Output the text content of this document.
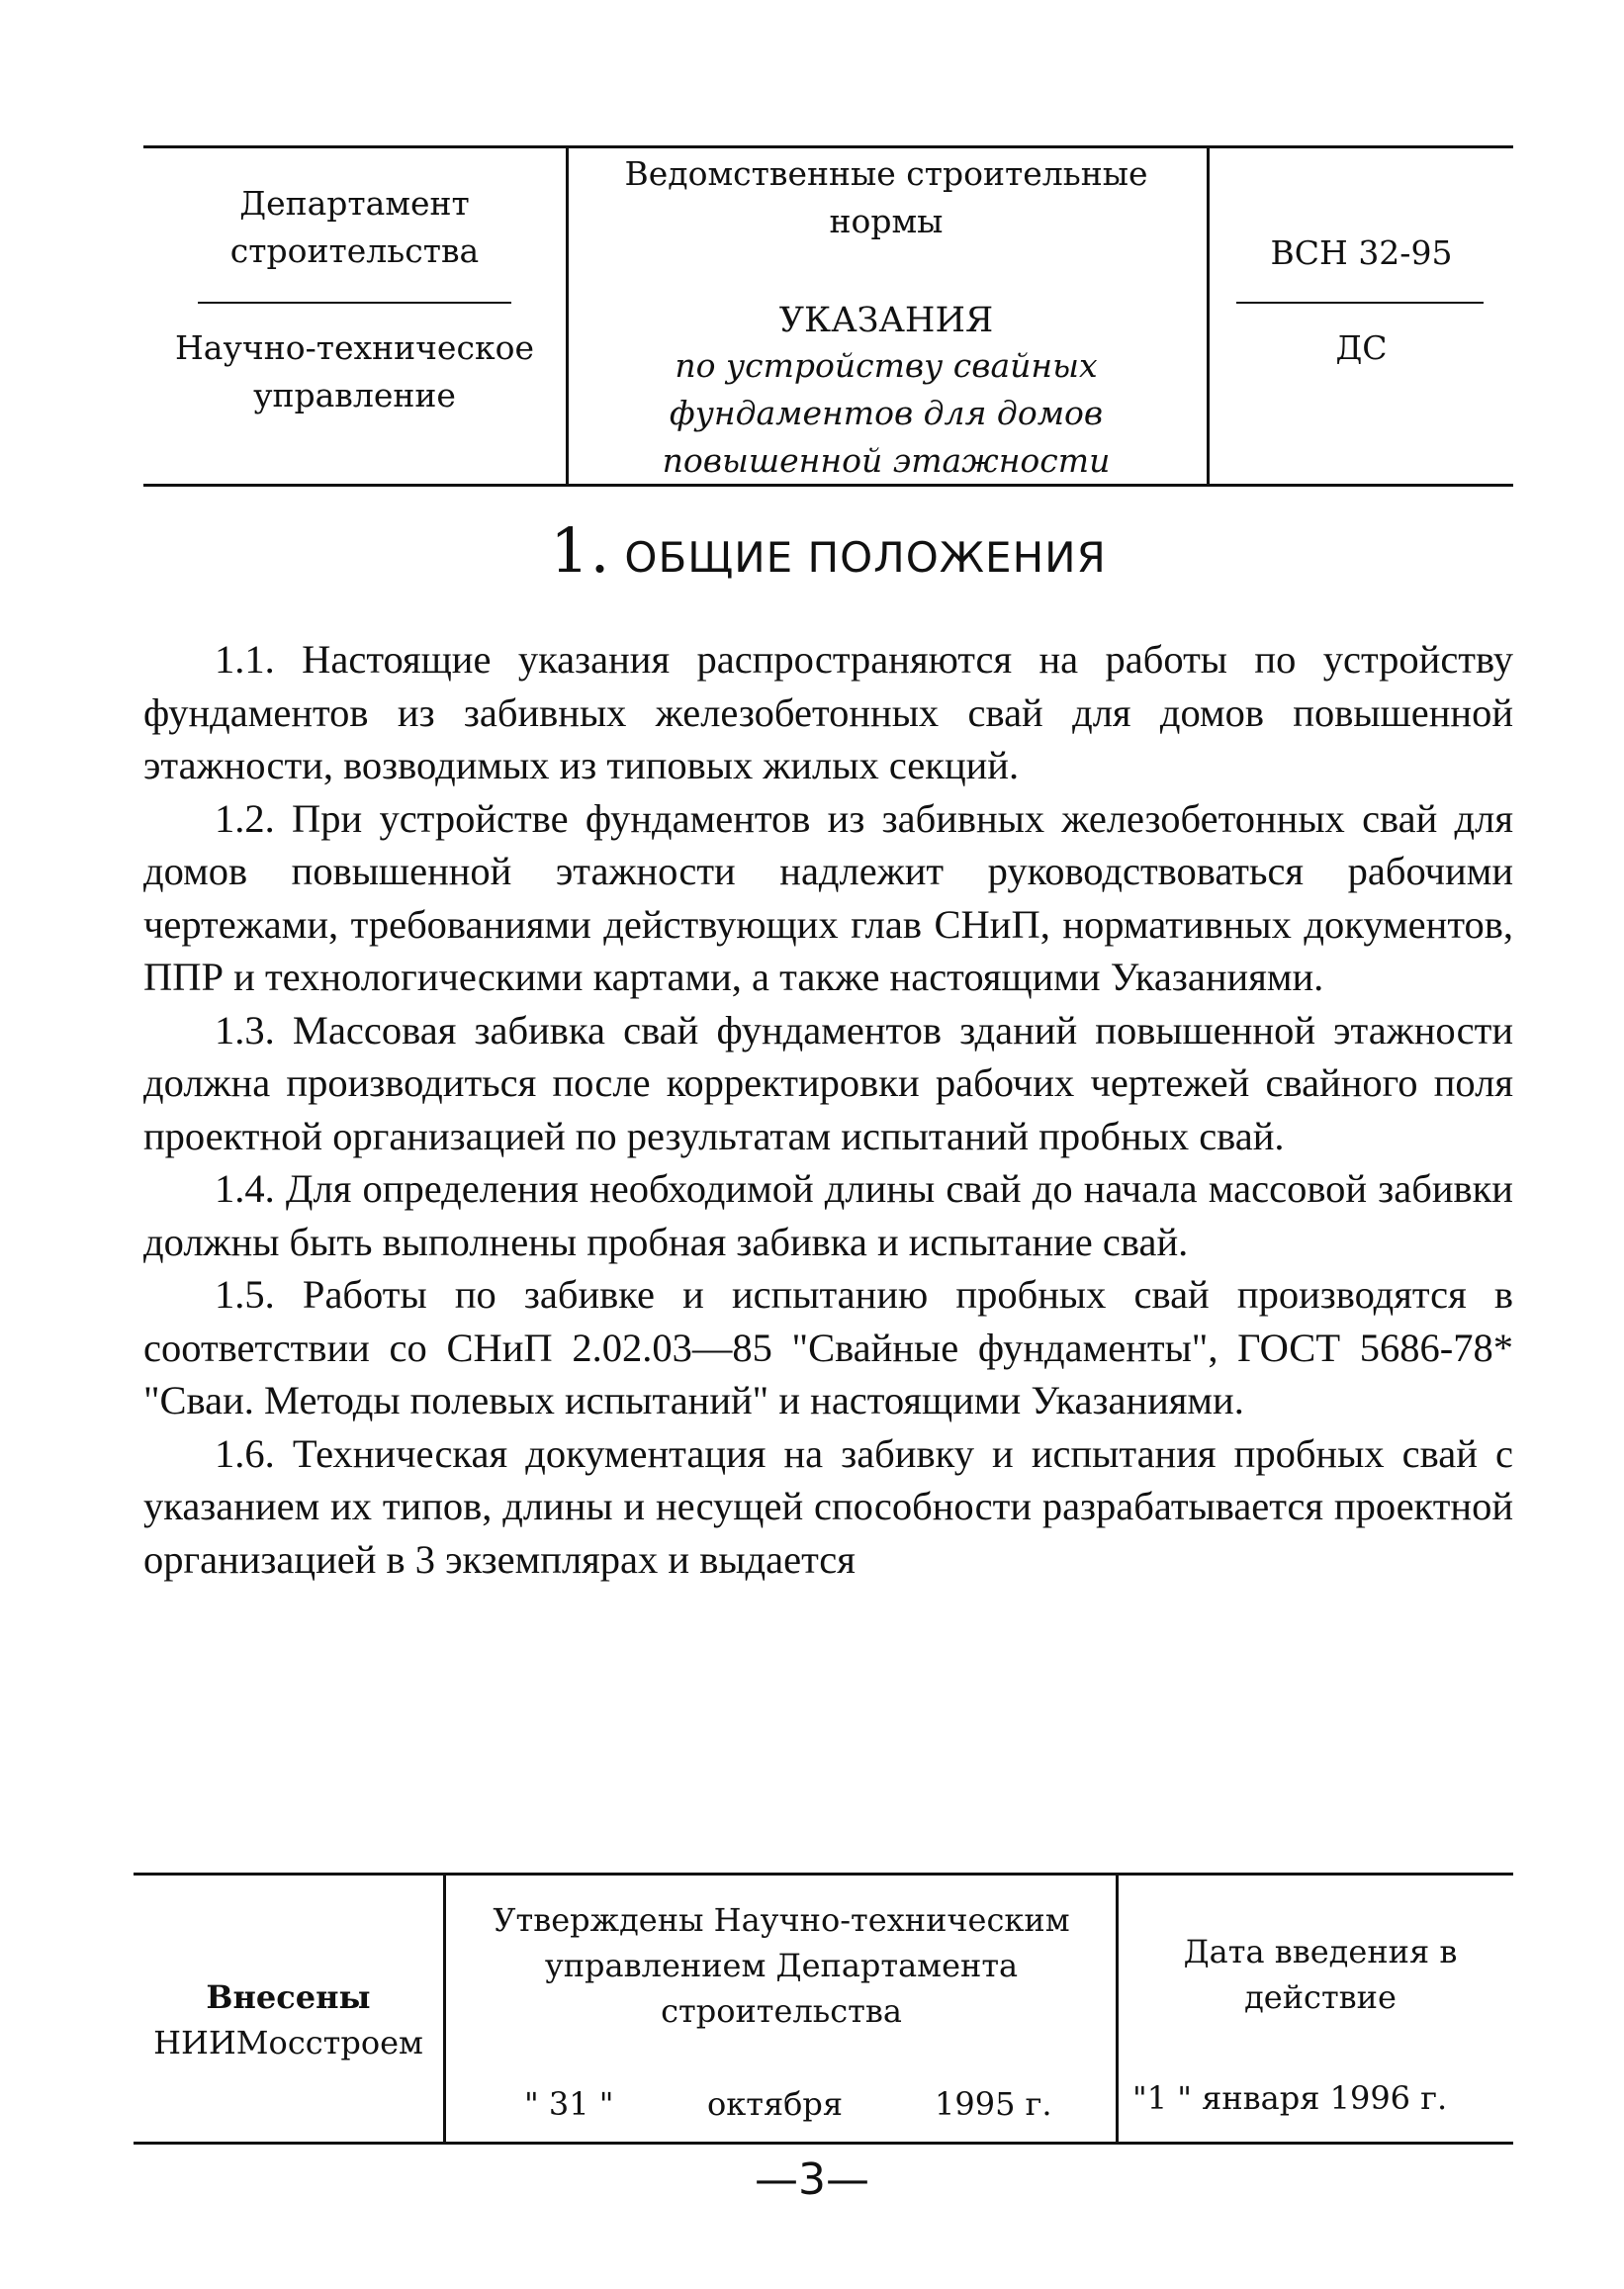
Департамент строительства
Научно-техническое управление
Ведомственные строительные нормы
УКАЗАНИЯ
по устройству свайных фундаментов для домов повышенной этажности
ВСН 32-95
ДС
1. ОБЩИЕ ПОЛОЖЕНИЯ

1.1. Настоящие указания распространяются на работы по устройству фундаментов из забивных железобетонных свай для домов повышенной этажности, возводимых из типовых жилых секций.

1.2. При устройстве фундаментов из забивных железобетонных свай для домов повышенной этажности надлежит руководствоваться рабочими чертежами, требованиями действующих глав СНиП, нормативных документов, ППР и технологическими картами, а также настоящими Указаниями.

1.3. Массовая забивка свай фундаментов зданий повышенной этажности должна производиться после корректировки рабочих чертежей свайного поля проектной организацией по результатам испытаний пробных свай.

1.4. Для определения необходимой длины свай до начала массовой забивки должны быть выполнены пробная забивка и испытание свай.

1.5. Работы по забивке и испытанию пробных свай производятся в соответствии со СНиП 2.02.03—85 "Свайные фундаменты", ГОСТ 5686-78* "Сваи. Методы полевых испытаний" и настоящими Указаниями.

1.6. Техническая документация на забивку и испытания пробных свай с указанием их типов, длины и несущей способности разрабатывается проектной организацией в 3 экземплярах и выдается

Внесены
НИИМосстроем
Утверждены Научно-техническим управлением Департамента строительства
" 31 "	октября	1995 г.
Дата введения в действие
"1 " января 1996 г.
—3—
